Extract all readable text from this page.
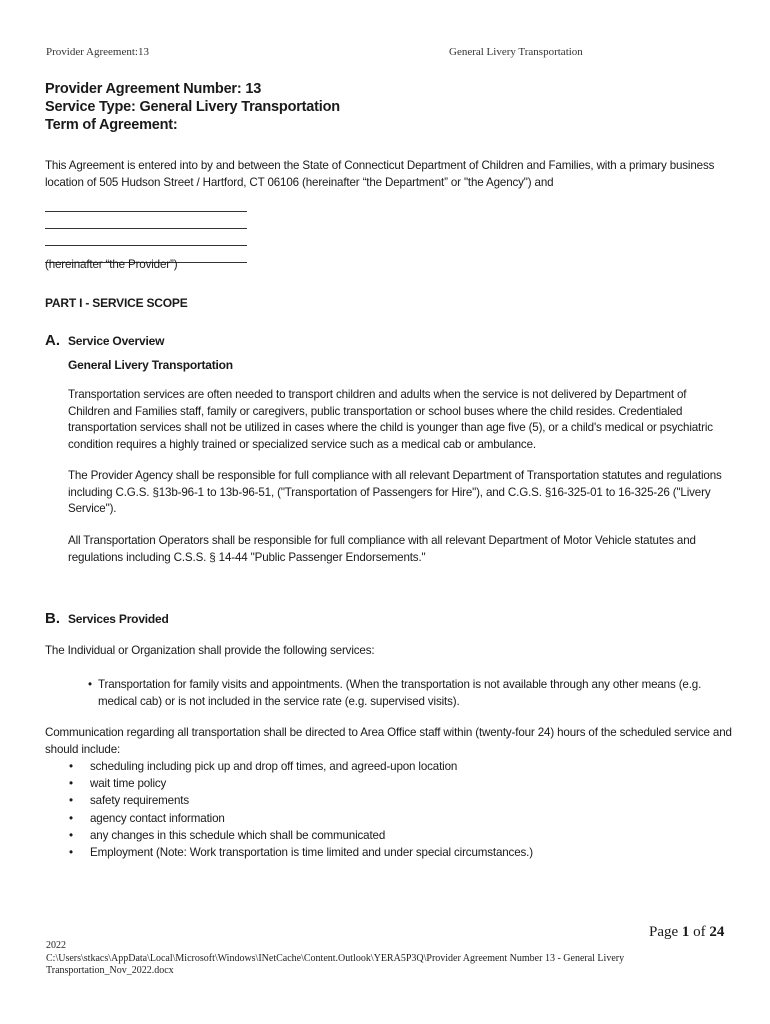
Provider Agreement:13	General Livery Transportation
Provider Agreement Number: 13
Service Type: General Livery Transportation
Term of Agreement:
This Agreement is entered into by and between the State of Connecticut Department of Children and Families, with a primary business location of 505 Hudson Street / Hartford, CT 06106 (hereinafter “the Department” or "the Agency") and
(hereinafter “the Provider”)
PART I - SERVICE SCOPE
A. Service Overview
General Livery Transportation
Transportation services are often needed to transport children and adults when the service is not delivered by Department of Children and Families staff, family or caregivers, public transportation or school buses where the child resides. Credentialed transportation services shall not be utilized in cases where the child is younger than age five (5), or a child's medical or psychiatric condition requires a highly trained or specialized service such as a medical cab or ambulance.
The Provider Agency shall be responsible for full compliance with all relevant Department of Transportation statutes and regulations including C.G.S. §13b-96-1 to 13b-96-51, ("Transportation of Passengers for Hire"), and C.G.S. §16-325-01 to 16-325-26 ("Livery Service").
All Transportation Operators shall be responsible for full compliance with all relevant Department of Motor Vehicle statutes and regulations including C.S.S. § 14-44 "Public Passenger Endorsements."
B. Services Provided
The Individual or Organization shall provide the following services:
• Transportation for family visits and appointments. (When the transportation is not available through any other means (e.g. medical cab) or is not included in the service rate (e.g. supervised visits).
Communication regarding all transportation shall be directed to Area Office staff within (twenty-four 24) hours of the scheduled service and should include:
•	scheduling including pick up and drop off times, and agreed-upon location
•	wait time policy
•	safety requirements
•	agency contact information
•	any changes in this schedule which shall be communicated
•	Employment (Note: Work transportation is time limited and under special circumstances.)
Page 1 of 24
2022
C:\Users\stkacs\AppData\Local\Microsoft\Windows\INetCache\Content.Outlook\YERA5P3Q\Provider Agreement Number 13 - General Livery Transportation_Nov_2022.docx
